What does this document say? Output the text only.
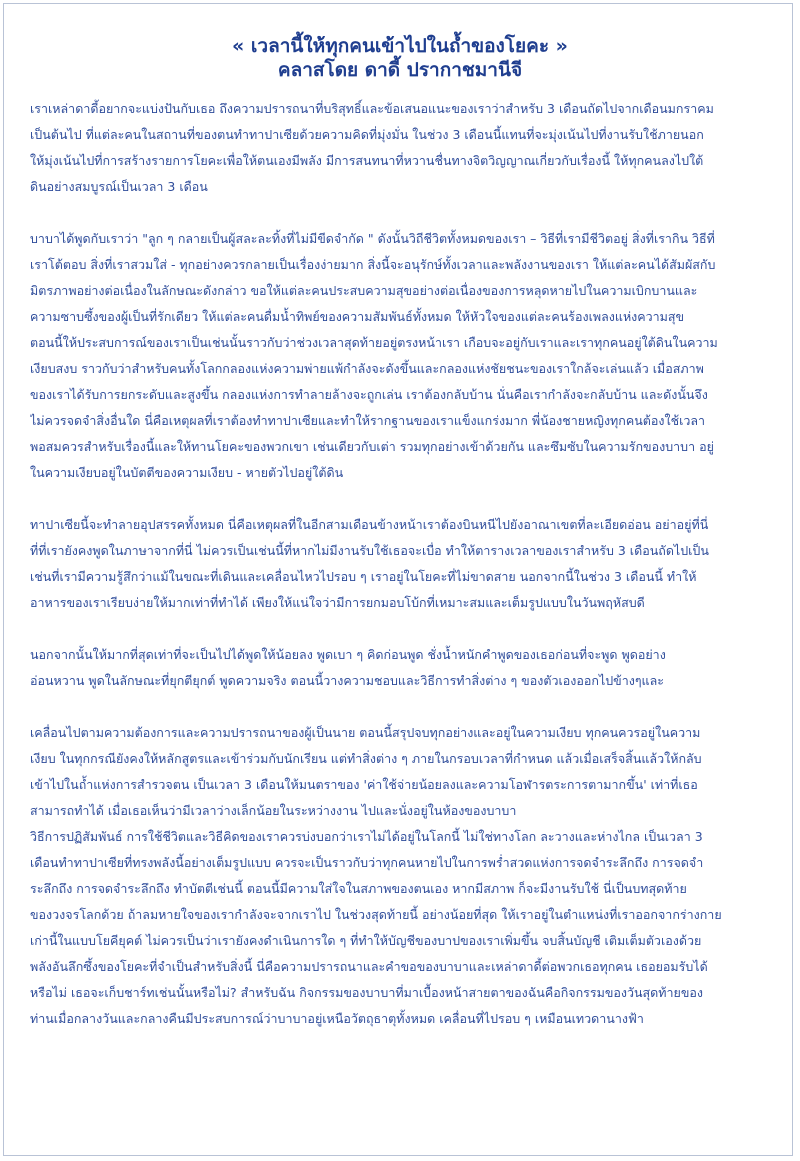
« เวลานี้ให้ทุกคนเข้าไปในถ้ำของโยคะ »
คลาสโดย ดาดี้ ปรากาชมานีจี
เราเหล่าดาดี้อยากจะแบ่งปันกับเธอ ถึงความปรารถนาที่บริสุทธิ์และข้อเสนอแนะของเราว่าสำหรับ 3 เดือนถัดไปจากเดือนมกราคม
เป็นต้นไป ที่แต่ละคนในสถานที่ของตนทำทาปาเซียด้วยความคิดที่มุ่งมั่น ในช่วง 3 เดือนนี้แทนที่จะมุ่งเน้นไปที่งานรับใช้ภายนอก
ให้มุ่งเน้นไปที่การสร้างรายการโยคะเพื่อให้ตนเองมีพลัง มีการสนทนาที่หวานชื่นทางจิตวิญญาณเกี่ยวกับเรื่องนี้ ให้ทุกคนลงไปใต้
ดินอย่างสมบูรณ์เป็นเวลา 3 เดือน
บาบาได้พูดกับเราว่า "ลูก ๆ กลายเป็นผู้สละละทิ้งที่ไม่มีขีดจำกัด " ดังนั้นวิถีชีวิตทั้งหมดของเรา – วิธีที่เรามีชีวิตอยู่ สิ่งที่เรากิน วิธีที่
เราโต้ตอบ สิ่งที่เราสวมใส่ - ทุกอย่างควรกลายเป็นเรื่องง่ายมาก สิ่งนี้จะอนุรักษ์ทั้งเวลาและพลังงานของเรา ให้แต่ละคนได้สัมผัสกับ
มิตรภาพอย่างต่อเนื่องในลักษณะดังกล่าว ขอให้แต่ละคนประสบความสุขอย่างต่อเนื่องของการหลุดหายไปในความเบิกบานและ
ความซาบซึ้งของผู้เป็นที่รักเดียว ให้แต่ละคนดื่มน้ำทิพย์ของความสัมพันธ์ทั้งหมด ให้หัวใจของแต่ละคนร้องเพลงแห่งความสุข
ตอนนี้ให้ประสบการณ์ของเราเป็นเช่นนั้นราวกับว่าช่วงเวลาสุดท้ายอยู่ตรงหน้าเรา เกือบจะอยู่กับเราและเราทุกคนอยู่ใต้ดินในความ
เงียบสงบ ราวกับว่าสำหรับคนทั้งโลกกลองแห่งความพ่ายแพ้กำลังจะดังขึ้นและกลองแห่งชัยชนะของเราใกล้จะเล่นแล้ว เมื่อสภาพ
ของเราได้รับการยกระดับและสูงขึ้น กลองแห่งการทำลายล้างจะถูกเล่น เราต้องกลับบ้าน นั่นคือเรากำลังจะกลับบ้าน และดังนั้นจึง
ไม่ควรจดจำสิ่งอื่นใด นี่คือเหตุผลที่เราต้องทำทาปาเซียและทำให้รากฐานของเราแข็งแกร่งมาก พี่น้องชายหญิงทุกคนต้องใช้เวลา
พอสมควรสำหรับเรื่องนี้และให้ทานโยคะของพวกเขา เช่นเดียวกับเต่า รวมทุกอย่างเข้าด้วยกัน และซึมซับในความรักของบาบา อยู่
ในความเงียบอยู่ในบัตตีของความเงียบ - หายตัวไปอยู่ใต้ดิน
ทาปาเซียนี้จะทำลายอุปสรรคทั้งหมด นี่คือเหตุผลที่ในอีกสามเดือนข้างหน้าเราต้องบินหนีไปยังอาณาเขตที่ละเอียดอ่อน อย่าอยู่ที่นี่
ที่ที่เรายังคงพูดในภาษาจากที่นี่ ไม่ควรเป็นเช่นนี้ที่หากไม่มีงานรับใช้เธอจะเบื่อ ทำให้ตารางเวลาของเราสำหรับ 3 เดือนถัดไปเป็น
เช่นที่เรามีความรู้สึกว่าแม้ในขณะที่เดินและเคลื่อนไหวไปรอบ ๆ เราอยู่ในโยคะที่ไม่ขาดสาย นอกจากนี้ในช่วง 3 เดือนนี้ ทำให้
อาหารของเราเรียบง่ายให้มากเท่าที่ทำได้ เพียงให้แน่ใจว่ามีการยกมอบโบ้กที่เหมาะสมและเต็มรูปแบบในวันพฤหัสบดี
นอกจากนั้นให้มากที่สุดเท่าที่จะเป็นไปได้พูดให้น้อยลง พูดเบา ๆ คิดก่อนพูด ชั่งน้ำหนักคำพูดของเธอก่อนที่จะพูด พูดอย่าง
อ่อนหวาน พูดในลักษณะที่ยุกตียุกต์ พูดความจริง ตอนนี้วางความชอบและวิธีการทำสิ่งต่าง ๆ ของตัวเองออกไปข้างๆและ
เคลื่อนไปตามความต้องการและความปรารถนาของผู้เป็นนาย ตอนนี้สรุปจบทุกอย่างและอยู่ในความเงียบ ทุกคนควรอยู่ในความ
เงียบ ในทุกกรณียังคงให้หลักสูตรและเข้าร่วมกับนักเรียน แต่ทำสิ่งต่าง ๆ ภายในกรอบเวลาที่กำหนด แล้วเมื่อเสร็จสิ้นแล้วให้กลับ
เข้าไปในถ้ำแห่งการสำรวจตน เป็นเวลา 3 เดือนให้มนตราของ 'ค่าใช้จ่ายน้อยลงและความโอฬารตระการตามากขึ้น' เท่าที่เธอ
สามารถทำได้ เมื่อเธอเห็นว่ามีเวลาว่างเล็กน้อยในระหว่างงาน ไปและนั่งอยู่ในห้องของบาบา
วิธีการปฏิสัมพันธ์ การใช้ชีวิตและวิธีคิดของเราควรบ่งบอกว่าเราไม่ได้อยู่ในโลกนี้ ไม่ใช่ทางโลก ละวางและห่างไกล เป็นเวลา 3
เดือนทำทาปาเซียที่ทรงพลังนี้อย่างเต็มรูปแบบ ควรจะเป็นราวกับว่าทุกคนหายไปในการพร่ำสวดแห่งการจดจำระลึกถึง การจดจำ
ระลึกถึง การจดจำระลึกถึง ทำบัตตีเช่นนี้ ตอนนี้มีความใส่ใจในสภาพของตนเอง หากมีสภาพ ก็จะมีงานรับใช้ นี่เป็นบทสุดท้าย
ของวงจรโลกด้วย ถ้าลมหายใจของเรากำลังจะจากเราไป ในช่วงสุดท้ายนี้ อย่างน้อยที่สุด ให้เราอยู่ในตำแหน่งที่เราออกจากร่างกาย
เก่านี้ในแบบโยคียุคต์ ไม่ควรเป็นว่าเรายังคงดำเนินการใด ๆ ที่ทำให้บัญชีของบาปของเราเพิ่มขึ้น จบสิ้นบัญชี เติมเต็มตัวเองด้วย
พลังอันลึกซึ้งของโยคะที่จำเป็นสำหรับสิ่งนี้ นี่คือความปรารถนาและคำขอของบาบาและเหล่าดาดี้ต่อพวกเธอทุกคน เธอยอมรับได้
หรือไม่ เธอจะเก็บชาร์ทเช่นนั้นหรือไม่? สำหรับฉัน กิจกรรมของบาบาที่มาเบื้องหน้าสายตาของฉันคือกิจกรรมของวันสุดท้ายของ
ท่านเมื่อกลางวันและกลางคืนมีประสบการณ์ว่าบาบาอยู่เหนือวัตถุธาตุทั้งหมด เคลื่อนที่ไปรอบ ๆ เหมือนเทวดานางฟ้า
